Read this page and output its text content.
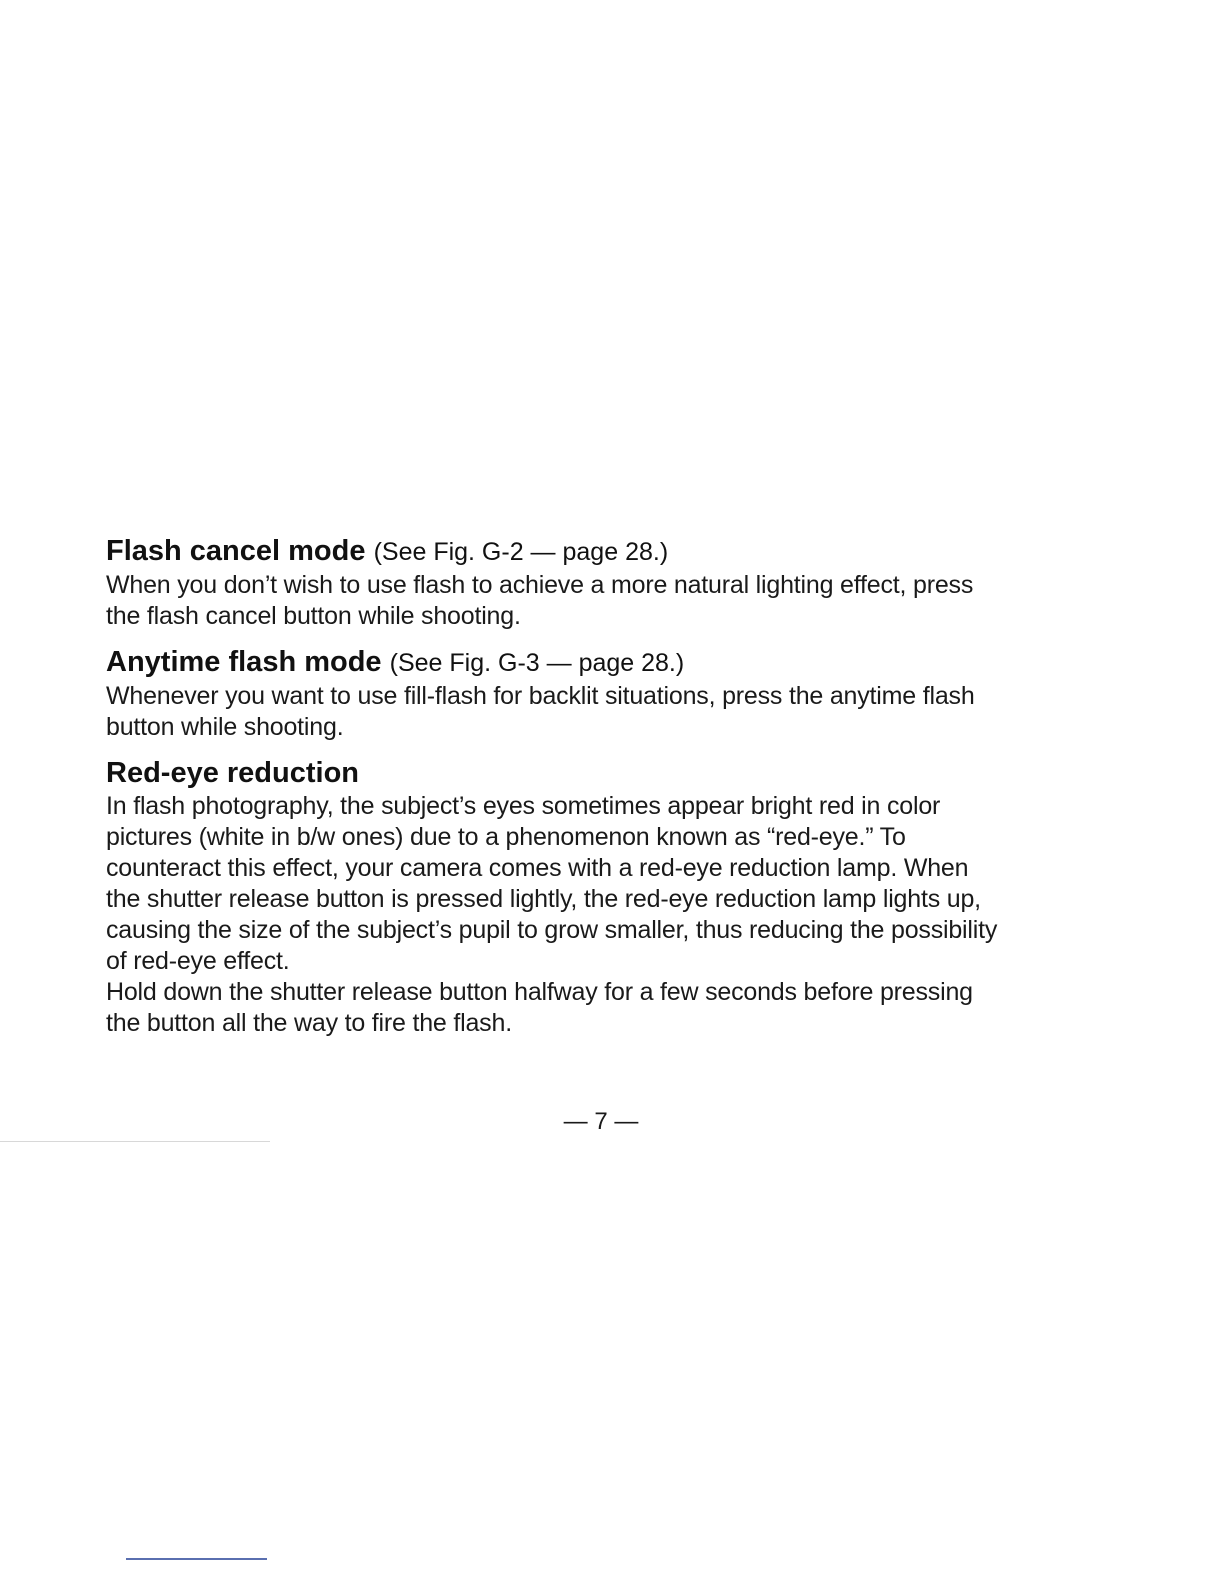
Flash cancel mode (See Fig. G-2 — page 28.)

When you don’t wish to use flash to achieve a more natural lighting effect, press
the flash cancel button while shooting.

Anytime flash mode (See Fig. G-3 — page 28.)

Whenever you want to use fill-flash for backlit situations, press the anytime flash
button while shooting.

Red-eye reduction

In flash photography, the subject’s eyes sometimes appear bright red in color
pictures (white in b/w ones) due to a phenomenon known as “red-eye.” To
counteract this effect, your camera comes with a red-eye reduction lamp. When
the shutter release button is pressed lightly, the red-eye reduction lamp lights up,
causing the size of the subject’s pupil to grow smaller, thus reducing the possibility
of red-eye effect.
Hold down the shutter release button halfway for a few seconds before pressing
the button all the way to fire the flash.

— 7 —
